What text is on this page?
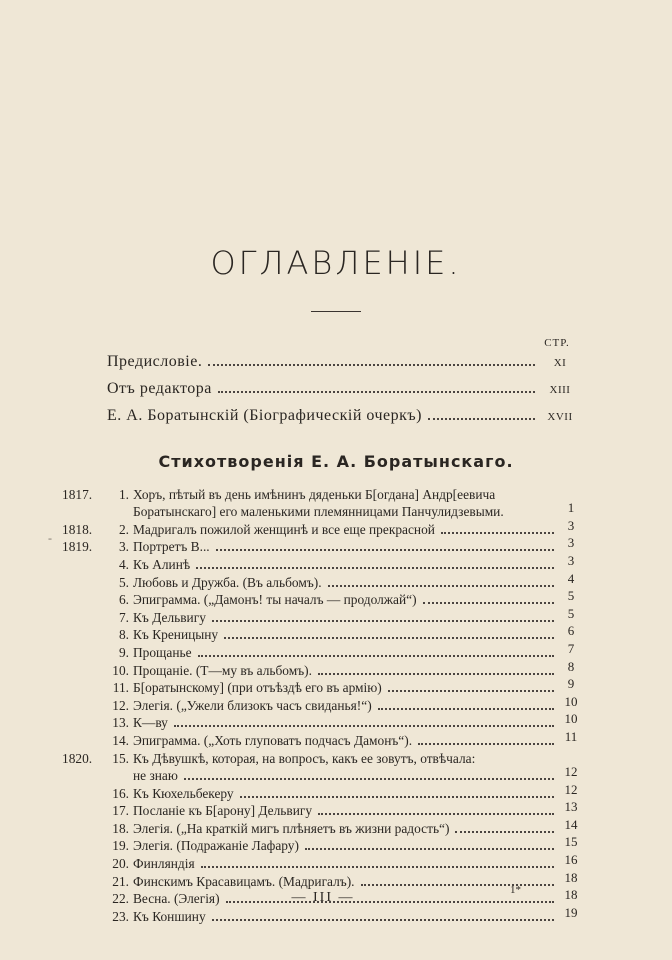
ОГЛАВЛЕНІЕ.
СТР.
Предисловіе.	XI
Отъ редактора	XIII
Е. А. Боратынскій (Біографическій очеркъ)	XVII
Стихотворенія Е. А. Боратынскаго.
1817.	1. Хоръ, пѣтый въ день имѣнинъ дяденьки Б[огдана] Андр[еевича
Боратынскаго] его маленькими племянницами Панчулидзевыми.	1
1818.	2. Мадригалъ пожилой женщинѣ и все еще прекрасной	3
1819.	3. Портретъ В...	3
4. Къ Алинѣ	3
5. Любовь и Дружба. (Въ альбомъ).	4
6. Эпиграмма. („Дамонъ! ты началъ — продолжай“)	5
7. Къ Дельвигу	5
8. Къ Креницыну	6
9. Прощанье	7
10. Прощаніе. (Т—му въ альбомъ).	8
11. Б[оратынскому] (при отъѣздѣ его въ армію)	9
12. Элегія. („Ужели близокъ часъ свиданья!“)	10
13. К—ву	10
14. Эпиграмма. („Хоть глуповатъ подчасъ Дамонъ“).	11
1820.	15. Къ Дѣвушкѣ, которая, на вопросъ, какъ ее зовутъ, отвѣчала:
не знаю	12
16. Къ Кюхельбекеру	12
17. Посланіе къ Б[арону] Дельвигу	13
18. Элегія. („На краткій мигъ плѣняетъ въ жизни радость“)	14
19. Элегія. (Подражаніе Лафару)	15
20. Финляндія	16
21. Финскимъ Красавицамъ. (Мадригалъ).	18
22. Весна. (Элегія)	18
23. Къ Коншину	19
-
— III —	1*
